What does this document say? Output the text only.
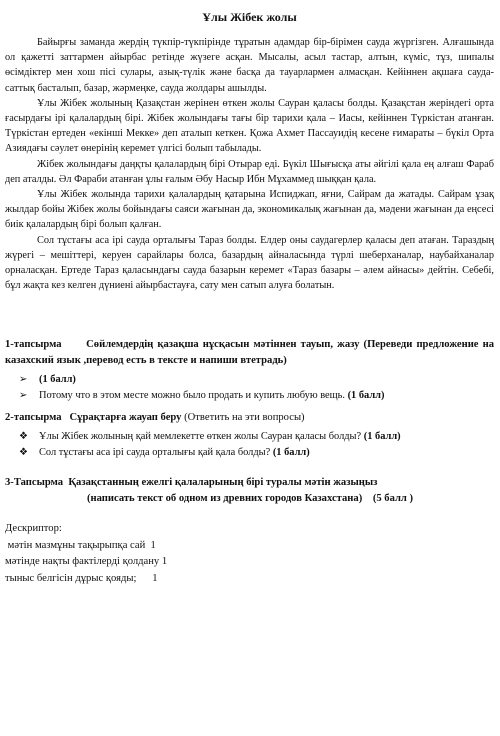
Ұлы Жібек жолы

Байырғы заманда жердің түкпір-түкпірінде тұратын адамдар бір-бірімен сауда жүргізген. Алғашында ол қажетті заттармен айырбас ретінде жүзеге асқан. Мысалы, асыл тастар, алтын, күміс, тұз, шипалы өсімдіктер мен хош пісі сулары, азық-түлік және басқа да тауарлармен алмасқан. Кейіннен ақшаға сауда-саттық басталып, базар, жәрмеңке, сауда жолдары ашылды.

Ұлы Жібек жолының Қазақстан жерінен өткен жолы Сауран қаласы болды. Қазақстан жеріндегі орта ғасырдағы ірі қалалардың бірі. Жібек жолындағы тағы бір тарихи қала – Иасы, кейіннен Түркістан атанған. Түркістан ертеден «екінші Мекке» деп аталып кеткен. Қожа Ахмет Пассауидің кесене ғимараты – бүкіл Орта Азиядағы сәулет өнерінің керемет үлгісі болып табылады.

Жібек жолындағы даңқты қалалардың бірі Отырар еді. Бүкіл Шығысқа аты әйгілі қала ең алғаш Фараб деп аталды. Әл Фараби атанған ұлы ғалым Әбу Насыр Ибн Мұхаммед шыққан қала.

Ұлы Жібек жолында тарихи қалалардың қатарына Испиджап, яғни, Сайрам да жатады. Сайрам ұзақ жылдар бойы Жібек жолы бойындағы саяси жағынан да, экономикалық жағынан да, мәдени жағынан да еңсесі биік қалалардың бірі болып қалған.

Сол тұстағы аса ірі сауда орталығы Тараз болды. Елдер оны саудагерлер қаласы деп атаған. Тараздың жүрегі – мешіттері, керуен сарайлары болса, базардың айналасында түрлі шеберханалар, наубайханалар орналасқан. Ертеде Тараз қаласындағы сауда базарын керемет «Тараз базары – әлем айнасы» дейтін. Себебі, бұл жақта кез келген дүниені айырбастауға, сату мен сатып алуға болатын.

1-тапсырма Сөйлемдердің қазақша нұсқасын мәтіннен тауып, жазу (Переведи предложение на казахский язык ,перевод есть в тексте и напиши втетрадь)

➢ (1 балл)
➢ Потому что в этом месте можно было продать и купить любую вещь. (1 балл)

2-тапсырма Сұрақтарға жауап беру (Ответить на эти вопросы)

❖ Ұлы Жібек жолының қай мемлекетте өткен жолы Сауран қаласы болды? (1 балл)
❖ Сол тұстағы аса ірі сауда орталығы қай қала болды? (1 балл)

3-Тапсырма Қазақстанның ежелгі қалаларының бірі туралы мәтін жазыңыз
(написать текст об одном из древних городов Казахстана) (5 балл )

Дескриптор:
мәтін мазмұны тақырыпқа сай  1
мәтінде нақты фактілерді қолдану 1
тыныс белгісін дұрыс қояды;      1
